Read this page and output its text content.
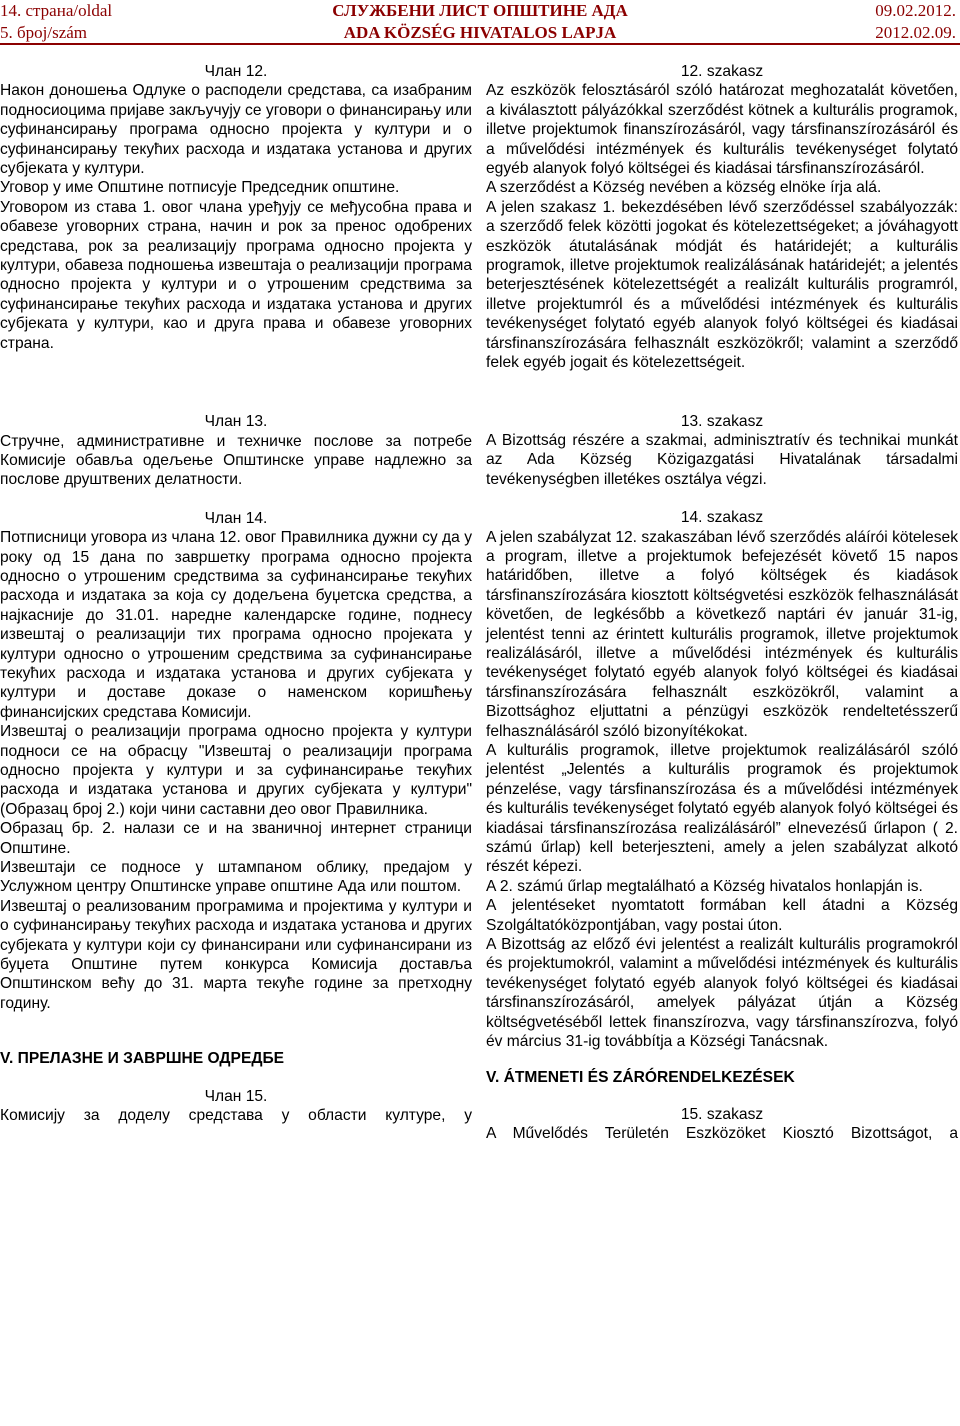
14. страна/oldal
5. број/szám
СЛУЖБЕНИ ЛИСТ ОПШТИНЕ АДА
ADA KÖZSÉG HIVATALOS LAPJA
09.02.2012.
2012.02.09.

Члан 12.

Након доношења Одлуке о расподели средстава, са изабраним подносиоцима пријаве закључују се уговори о финансирању или суфинансирању програма односно пројекта у култури и о суфинансирању текућих расхода и издатака установа и других субјеката у култури.

Уговор у име Општине потписује Председник општине.

Уговором из става 1. овог члана уређују се међусобна права и обавезе уговорних страна, начин и рок за пренос одобрених средстава, рок за реализацију програма односно пројекта у култури, обавеза подношења извештаја о реализацији програма односно пројекта у култури и о утрошеним средствима за суфинансирање текућих расхода и издатака установа и других субјеката у култури, као и друга права и обавезе уговорних страна.

Члан 13.

Стручне, административне и техничке послове за потребе Комисије обавља одељење Општинске управе надлежно за послове друштвених делатности.

Члан 14.

Потписници уговора из члана 12. овог Правилника дужни су да у року од 15 дана по завршетку програма односно пројекта односно о утрошеним средствима за суфинансирање текућих расхода и издатака за која су додељена буџетска средства, а најкасније до 31.01. наредне календарске године, поднесу извештај о реализацији тих програма односно пројеката у култури односно о утрошеним средствима за суфинансирање текућих расхода и издатака установа и других субјеката у култури и доставе доказе о наменском коришћењу финансијских средстава Комисији.

Извештај о реализацији програма односно пројекта у култури подноси се на обрасцу "Извештај о реализацији програма односно пројекта у култури и за суфинансирање текућих расхода и издатака установа и других субјеката у култури" (Образац број 2.) који чини саставни део овог Правилника.

Образац бр. 2. налази се и на званичној интернет страници Општине.

Извештаји се подносе у штампаном облику, предајом у Услужном центру Општинске управе општине Ада или поштом.

Извештај о реализованим програмима и пројектима у култури и о суфинансирању текућих расхода и издатака установа и других субјеката у култури који су финансирани или суфинансирани из буџета Општине путем конкурса Комисија доставља Општинском већу до 31. марта текуће године за претходну годину.

V. ПРЕЛАЗНЕ И ЗАВРШНЕ ОДРЕДБЕ

Члан 15.

Комисију за доделу средстава у области културе, у

12. szakasz

Az eszközök felosztásáról szóló határozat meghozatalát követően, a kiválasztott pályázókkal szerződést kötnek a kulturális programok, illetve projektumok finanszírozásáról, vagy társfinanszírozásáról és a művelődési intézmények és kulturális tevékenységet folytató egyéb alanyok folyó költségei és kiadásai társfinanszírozásáról.

A szerződést a Község nevében a község elnöke írja alá.

A jelen szakasz 1. bekezdésében lévő szerződéssel szabályozzák: a szerződő felek közötti jogokat és kötelezettségeket; a jóváhagyott eszközök átutalásának módját és határidejét; a kulturális programok, illetve projektumok realizálásának határidejét; a jelentés beterjesztésének kötelezettségét a realizált kulturális programról, illetve projektumról és a művelődési intézmények és kulturális tevékenységet folytató egyéb alanyok folyó költségei és kiadásai társfinanszírozására felhasznált eszközökről; valamint a szerződő felek egyéb jogait és kötelezettségeit.

13. szakasz

A Bizottság részére a szakmai, adminisztratív és technikai munkát az Ada Község Közigazgatási Hivatalának társadalmi tevékenységben illetékes osztálya végzi.

14. szakasz

A jelen szabályzat 12. szakaszában lévő szerződés aláírói kötelesek a program, illetve a projektumok befejezését követő 15 napos határidőben, illetve a folyó költségek és kiadások társfinanszírozására kiosztott költségvetési eszközök felhasználását követően, de legkésőbb a következő naptári év január 31-ig, jelentést tenni az érintett kulturális programok, illetve projektumok realizálásáról, illetve a művelődési intézmények és kulturális tevékenységet folytató egyéb alanyok folyó költségei és kiadásai társfinanszírozására felhasznált eszközökről, valamint a Bizottsághoz eljuttatni a pénzügyi eszközök rendeltetésszerű felhasználásáról szóló bizonyítékokat.

A kulturális programok, illetve projektumok realizálásáról szóló jelentést „Jelentés a kulturális programok és projektumok pénzelése, vagy társfinanszírozása és a művelődési intézmények és kulturális tevékenységet folytató egyéb alanyok folyó költségei és kiadásai társfinanszírozása realizálásáról” elnevezésű űrlapon ( 2. számú űrlap) kell beterjeszteni, amely a jelen szabályzat alkotó részét képezi.

A 2. számú űrlap megtalálható a Község hivatalos honlapján is.

A jelentéseket nyomtatott formában kell átadni a Község Szolgáltatóközpontjában, vagy postai úton.

A Bizottság az előző évi jelentést a realizált kulturális programokról és projektumokról, valamint a művelődési intézmények és kulturális tevékenységet folytató egyéb alanyok folyó költségei és kiadásai társfinanszírozásáról, amelyek pályázat útján a Község költségvetéséből lettek finanszírozva, vagy társfinanszírozva, folyó év március 31-ig továbbítja a Községi Tanácsnak.

V. ÁTMENETI ÉS ZÁRÓRENDELKEZÉSEK

15. szakasz

A Művelődés Területén Eszközöket Kiosztó Bizottságot, a
